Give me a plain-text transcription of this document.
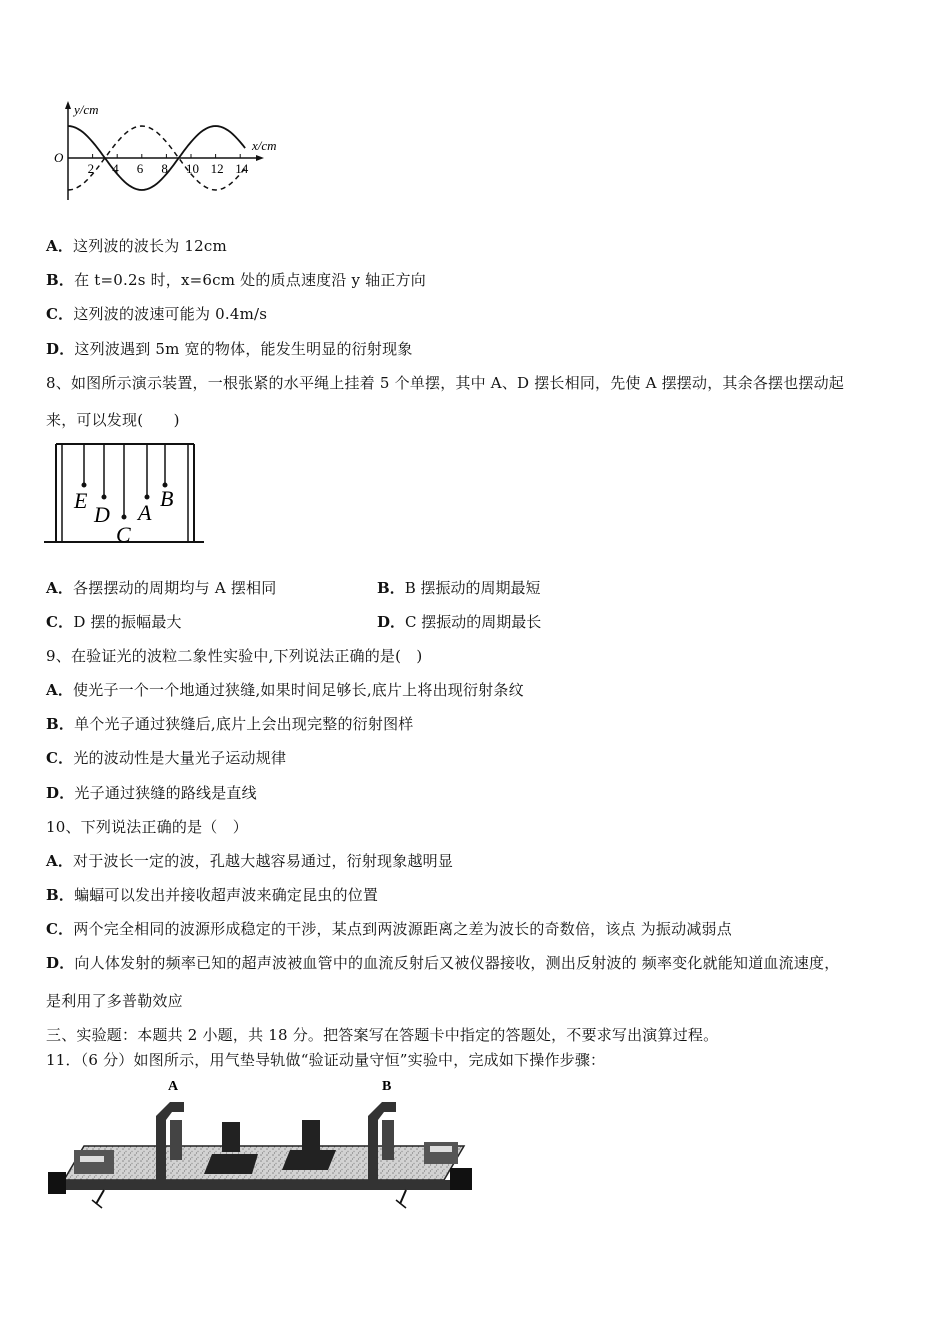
y/cm
x/cm
O
2 4 6 8 10 12 14
A．这列波的波长为 12cm
B．在 t=0.2s 时，x=6cm 处的质点速度沿 y 轴正方向
C．这列波的波速可能为 0.4m/s
D．这列波遇到 5m 宽的物体，能发生明显的衍射现象
8、如图所示演示装置，一根张紧的水平绳上挂着 5 个单摆，其中 A、D 摆长相同，先使 A 摆摆动，其余各摆也摆动起
来，可以发现(　　)
E
D
C
A
B
A．各摆摆动的周期均与 A 摆相同	B．B 摆振动的周期最短
C．D 摆的振幅最大	D．C 摆振动的周期最长
9、在验证光的波粒二象性实验中,下列说法正确的是(　)
A．使光子一个一个地通过狭缝,如果时间足够长,底片上将出现衍射条纹
B．单个光子通过狭缝后,底片上会出现完整的衍射图样
C．光的波动性是大量光子运动规律
D．光子通过狭缝的路线是直线
10、下列说法正确的是（　）
A．对于波长一定的波，孔越大越容易通过，衍射现象越明显
B．蝙蝠可以发出并接收超声波来确定昆虫的位置
C．两个完全相同的波源形成稳定的干涉，某点到两波源距离之差为波长的奇数倍，该点 为振动减弱点
D．向人体发射的频率已知的超声波被血管中的血流反射后又被仪器接收，测出反射波的 频率变化就能知道血流速度，
是利用了多普勒效应
三、实验题：本题共 2 小题，共 18 分。把答案写在答题卡中指定的答题处，不要求写出演算过程。
11．（6 分）如图所示，用气垫导轨做“验证动量守恒”实验中，完成如下操作步骤：
A	B
